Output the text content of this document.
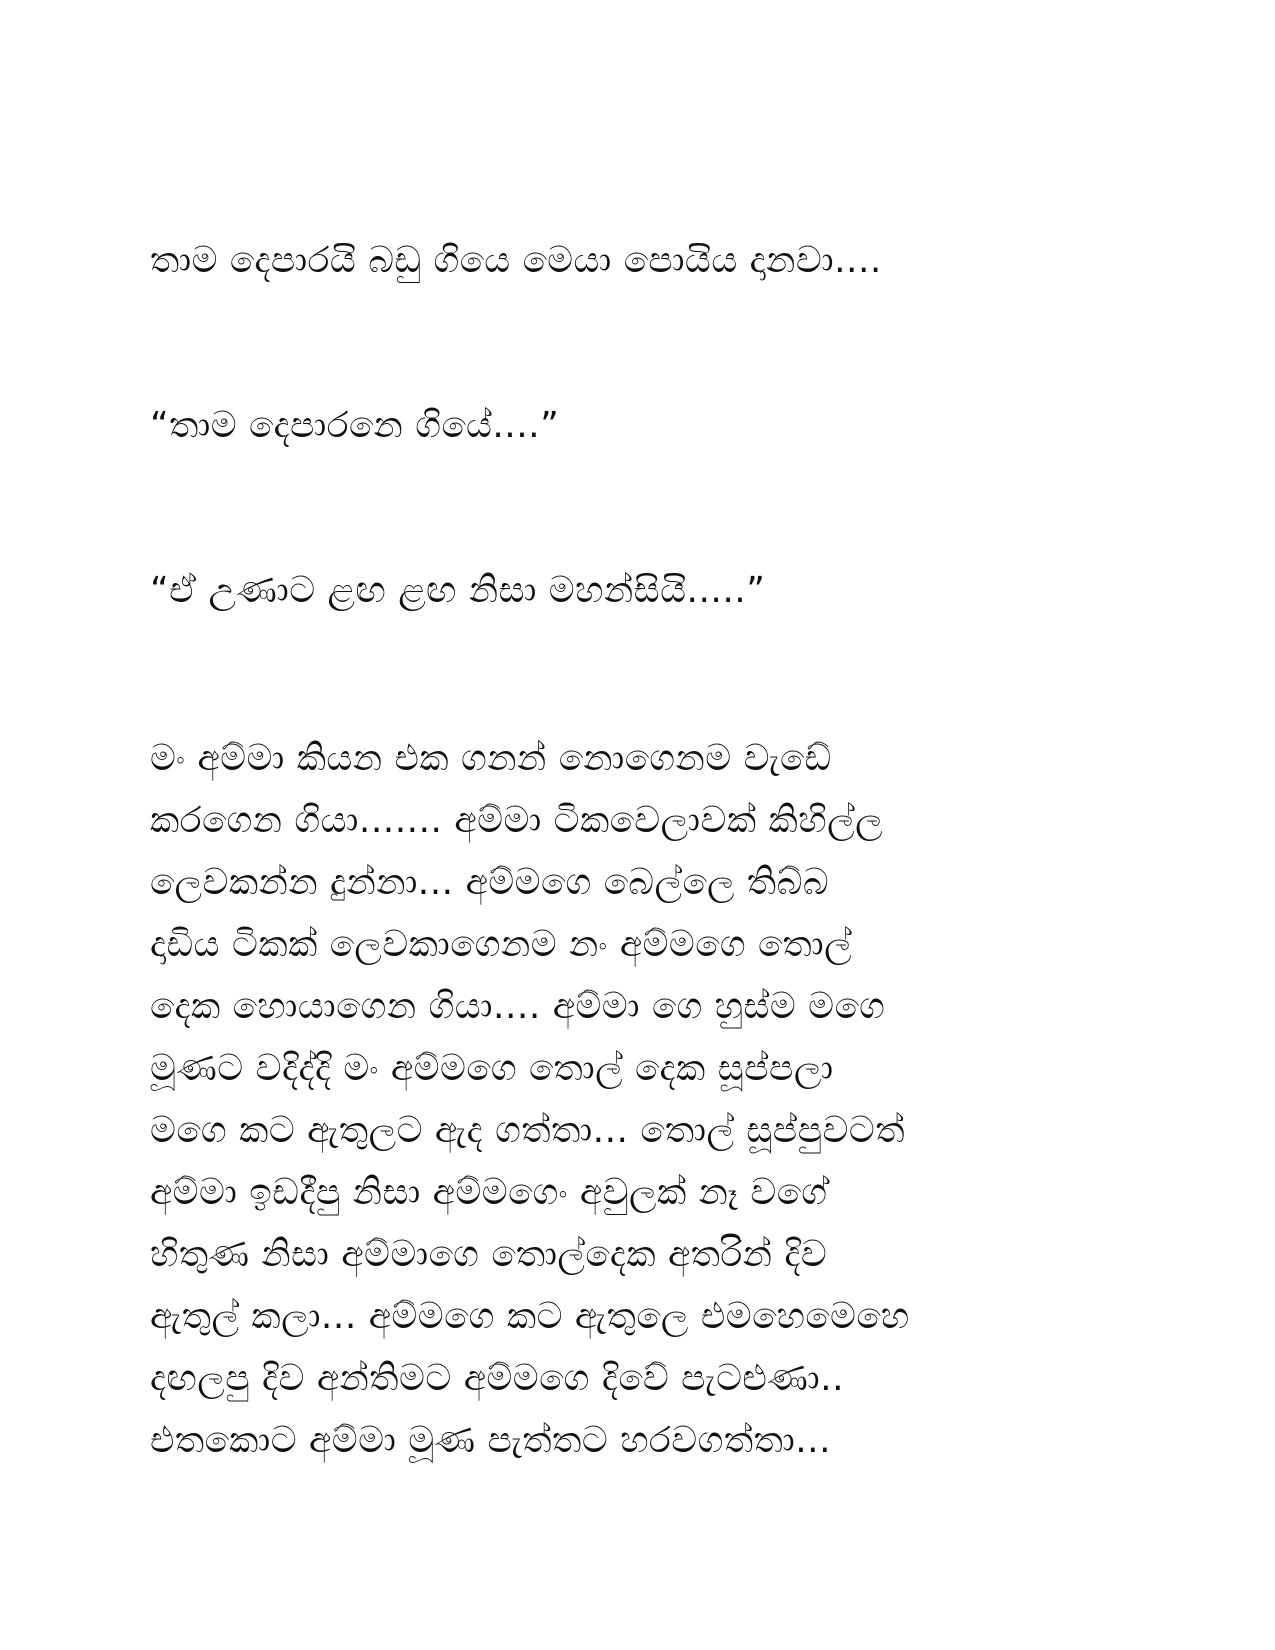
තාම දෙපාරයි බඩු ගියෙ මෙයා පොයිය දානවා....
“තාම දෙපාරනෙ ගියේ....”
“ඒ උණාට ළඟ ළඟ නිසා මහන්සියි.....”
මං අම්මා කියන එක ගනන් නොගෙනම වැඩේ
කරගෙන ගියා....... අම්මා ටිකවෙලාවක් කිහිල්ල
ලෙවකන්න දුන්නා... අම්මගෙ බෙල්ලෙ තිබ්බ
දාඩිය ටිකක් ලෙවකාගෙනම නං අම්මගෙ තොල්
දෙක හොයාගෙන ගියා.... අම්මා ගෙ හුස්ම මගෙ
මූණට වදිද්දි මං අම්මගෙ තොල් දෙක සූප්පලා
මගෙ කට ඇතුලට ඇද ගත්තා... තොල් සූප්පුවටත්
අම්මා ඉඩදීපු නිසා අම්මගෙං අවුලක් නෑ වගේ
හිතුණ නිසා අම්මාගෙ තොල්දෙක අතරින් දිව
ඇතුල් කලා... අම්මගෙ කට ඇතුලෙ එමහෙමෙහෙ
දඟලපු දිව අන්තිමට අම්මගෙ දිවේ පැටළුණා..
එතකොට අම්මා මූණ පැත්තට හරවගත්තා...
